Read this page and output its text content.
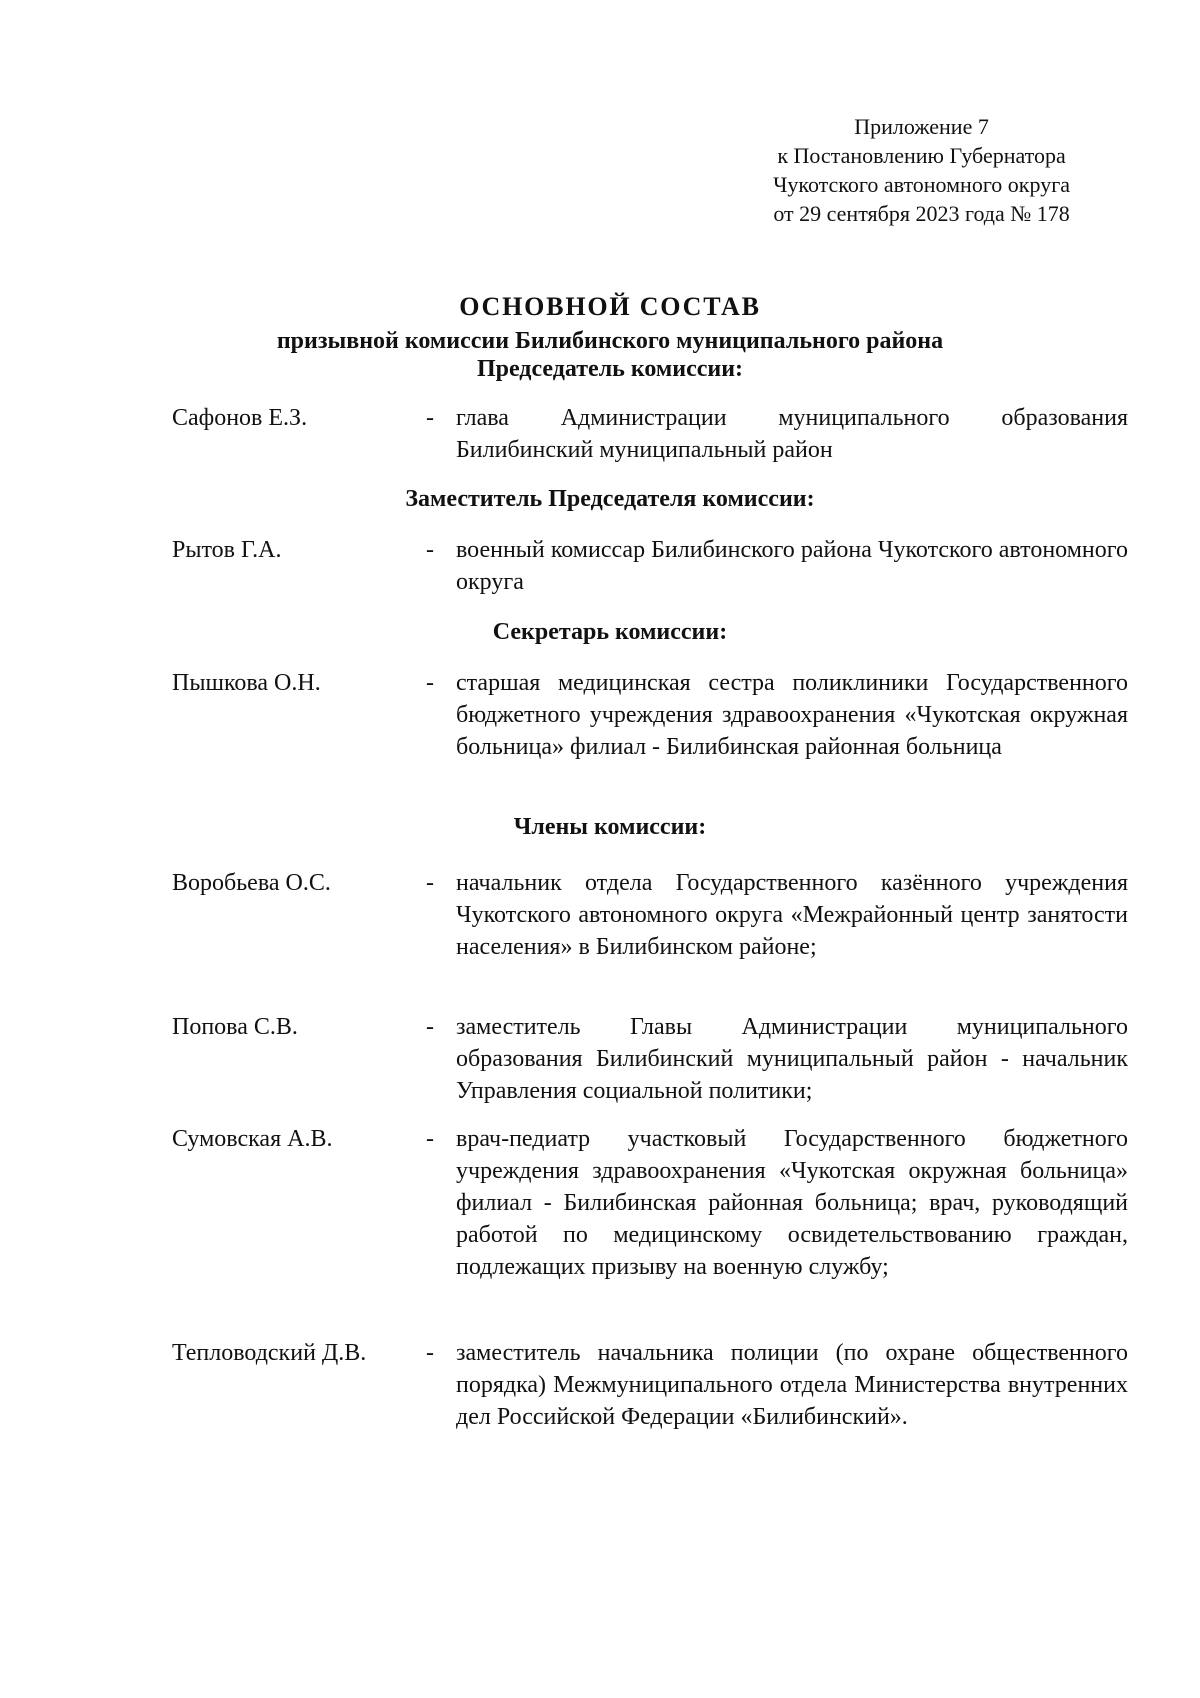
Приложение 7
к Постановлению Губернатора
Чукотского автономного округа
от 29 сентября 2023 года № 178
ОСНОВНОЙ СОСТАВ
призывной комиссии Билибинского муниципального района
Председатель комиссии:
Сафонов Е.З.	- глава Администрации муниципального образования Билибинский муниципальный район
Заместитель Председателя комиссии:
Рытов Г.А.	- военный комиссар Билибинского района Чукотского автономного округа
Секретарь комиссии:
Пышкова О.Н.	- старшая медицинская сестра поликлиники Государственного бюджетного учреждения здравоохранения «Чукотская окружная больница» филиал - Билибинская районная больница
Члены комиссии:
Воробьева О.С.	- начальник отдела Государственного казённого учреждения Чукотского автономного округа «Межрайонный центр занятости населения» в Билибинском районе;
Попова С.В.	- заместитель Главы Администрации муниципального образования Билибинский муниципальный район - начальник Управления социальной политики;
Сумовская А.В.	- врач-педиатр участковый Государственного бюджетного учреждения здравоохранения «Чукотская окружная больница» филиал - Билибинская районная больница; врач, руководящий работой по медицинскому освидетельствованию граждан, подлежащих призыву на военную службу;
Тепловодский Д.В. - заместитель начальника полиции (по охране общественного порядка) Межмуниципального отдела Министерства внутренних дел Российской Федерации «Билибинский».
